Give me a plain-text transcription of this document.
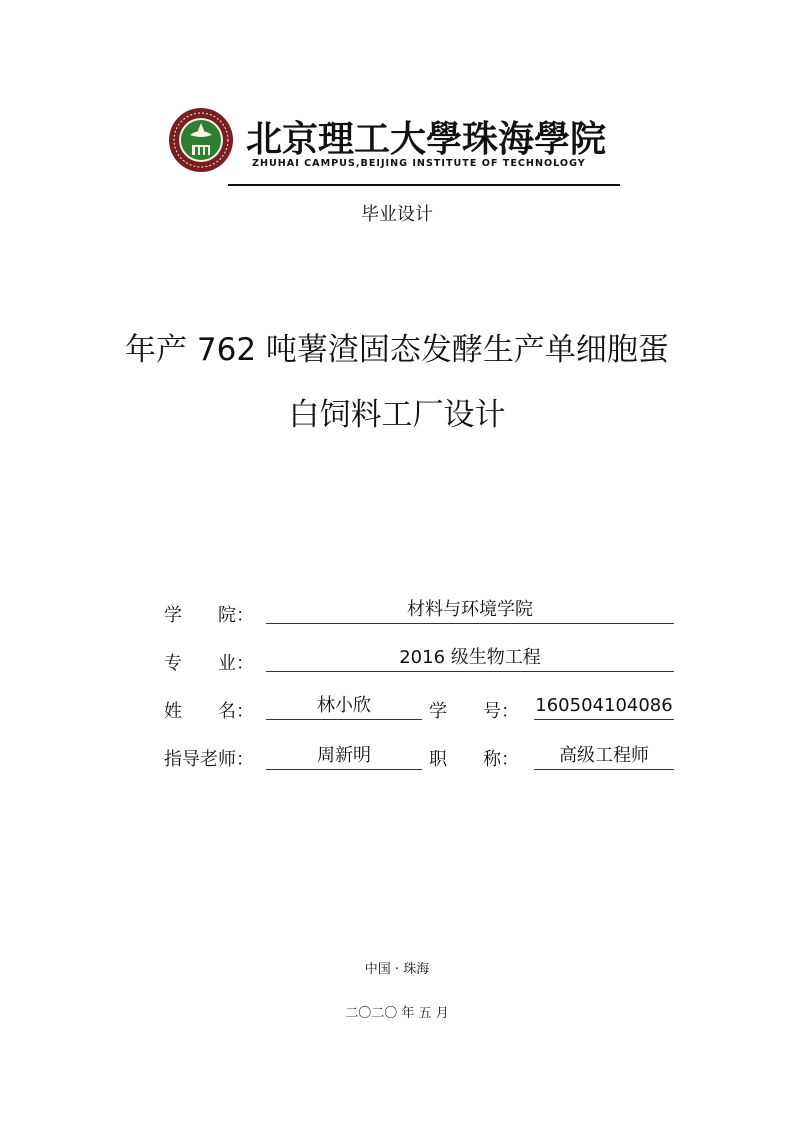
北京理工大學珠海學院
ZHUHAI CAMPUS,BEIJING INSTITUTE OF TECHNOLOGY
毕业设计
年产 762 吨薯渣固态发酵生产单细胞蛋
白饲料工厂设计
学　　院：	材料与环境学院
专　　业：	2016 级生物工程
姓　　名：	林小欣	学　　号： 160504104086
指导老师：	周新明	职　　称：	高级工程师
中国 · 珠海
二〇二〇 年 五 月
